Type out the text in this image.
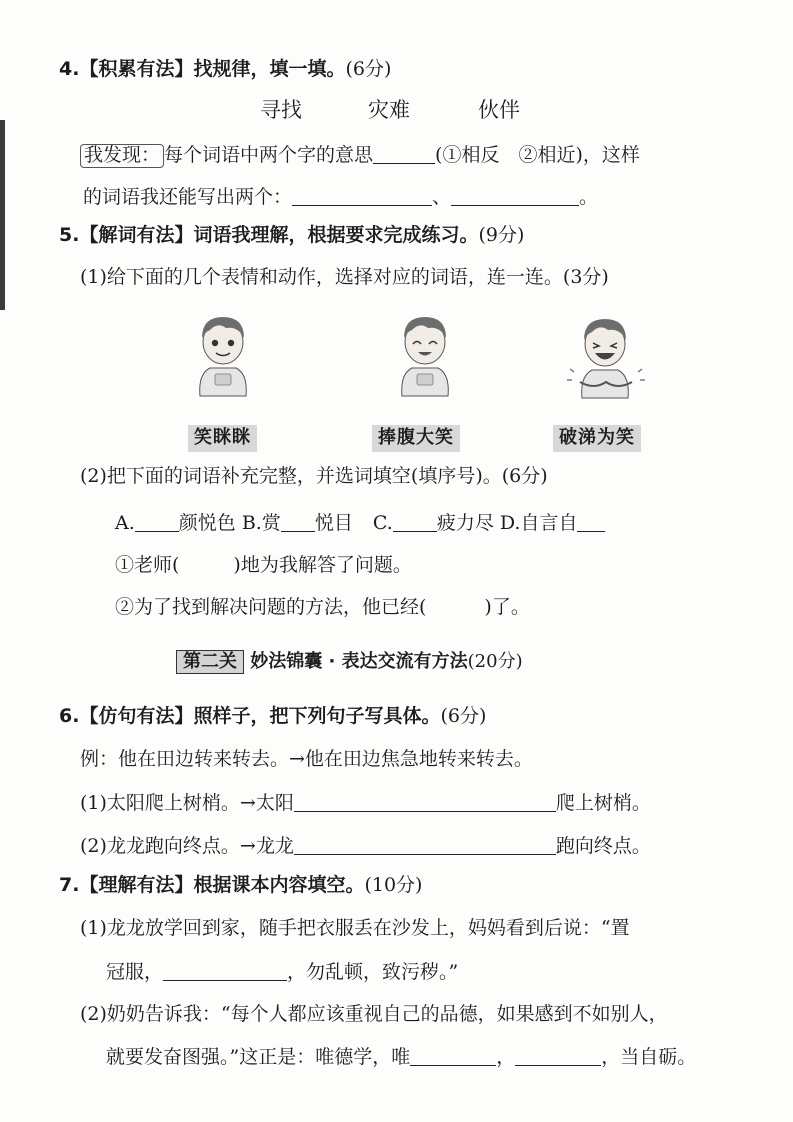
4.【积累有法】找规律，填一填。(6分)
寻找	灾难	伙伴
我发现： 每个词语中两个字的意思	(①相反　②相近)，这样
的词语我还能写出两个：	、	。
5.【解词有法】词语我理解，根据要求完成练习。(9分)
(1)给下面的几个表情和动作，选择对应的词语，连一连。(3分)
笑眯眯	捧腹大笑	破涕为笑
(2)把下面的词语补充完整，并选词填空(填序号)。(6分)
A. 颜悦色 B.赏 悦目 C. 疲力尽 D.自言自
①老师(	)地为我解答了问题。
②为了找到解决问题的方法，他已经(	)了。
第二关 妙法锦囊 · 表达交流有方法(20分)
6.【仿句有法】照样子，把下列句子写具体。(6分)
例：他在田边转来转去。→他在田边焦急地转来转去。
(1)太阳爬上树梢。→太阳	爬上树梢。
(2)龙龙跑向终点。→龙龙	跑向终点。
7.【理解有法】根据课本内容填空。(10分)
(1)龙龙放学回到家，随手把衣服丢在沙发上，妈妈看到后说：“置
冠服，	，勿乱顿，致污秽。”
(2)奶奶告诉我：“每个人都应该重视自己的品德，如果感到不如别人，
就要发奋图强。”这正是：唯德学，唯	，	，当自砺。
